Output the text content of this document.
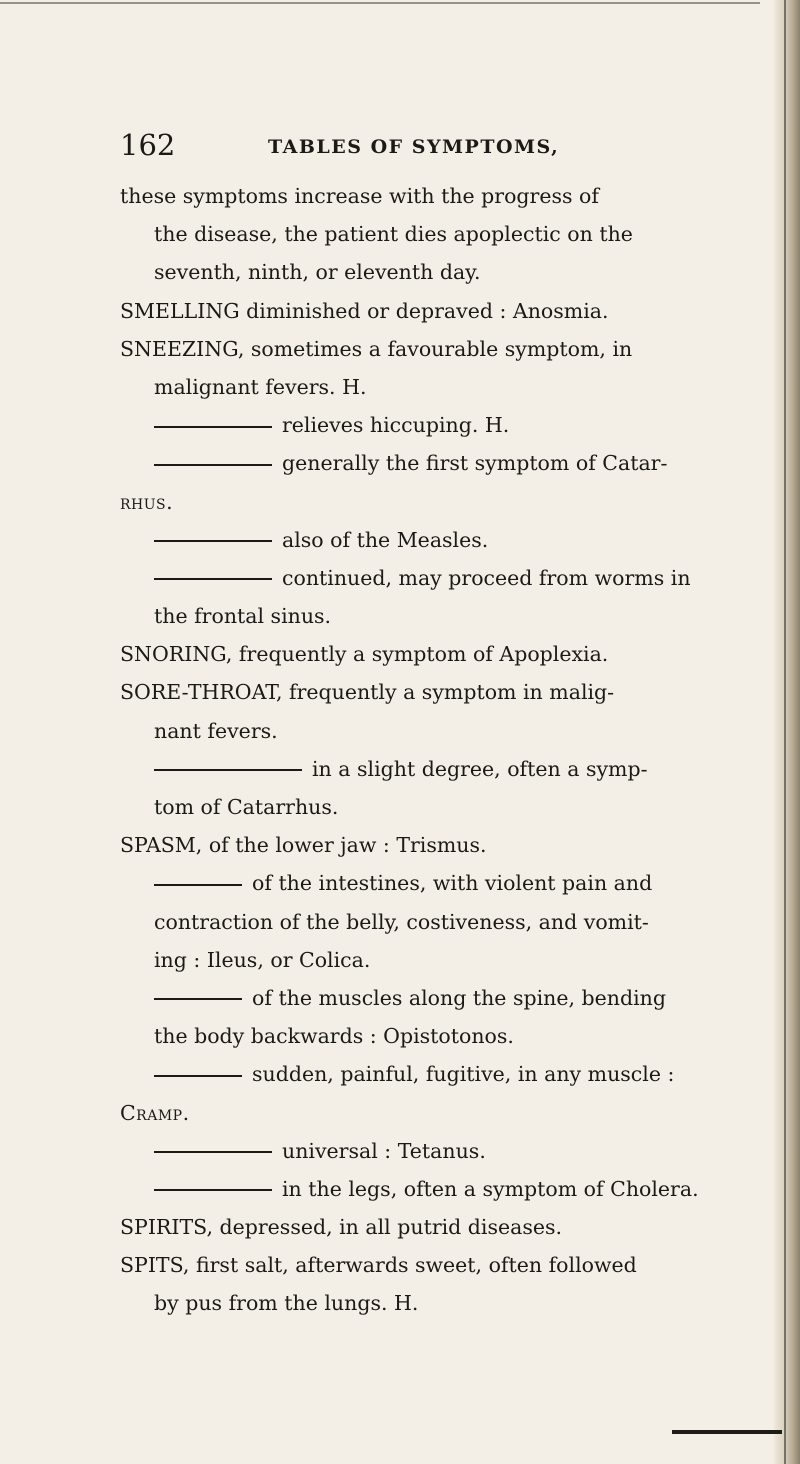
162	TABLES OF SYMPTOMS,
these symptoms increase with the progress of
the disease, the patient dies apoplectic on the
seventh, ninth, or eleventh day.
SMELLING diminished or depraved : Anosmia.
SNEEZING, sometimes a favourable symptom, in
malignant fevers. H.
relieves hiccuping. H.
generally the first symptom of Catar-
rhus.
also of the Measles.
continued, may proceed from worms in
the frontal sinus.
SNORING, frequently a symptom of Apoplexia.
SORE-THROAT, frequently a symptom in malig-
nant fevers.
in a slight degree, often a symp-
tom of Catarrhus.
SPASM, of the lower jaw : Trismus.
of the intestines, with violent pain and
contraction of the belly, costiveness, and vomit-
ing : Ileus, or Colica.
of the muscles along the spine, bending
the body backwards : Opistotonos.
sudden, painful, fugitive, in any muscle :
Cramp.
universal : Tetanus.
in the legs, often a symptom of Cholera.
SPIRITS, depressed, in all putrid diseases.
SPITS, first salt, afterwards sweet, often followed
by pus from the lungs. H.
